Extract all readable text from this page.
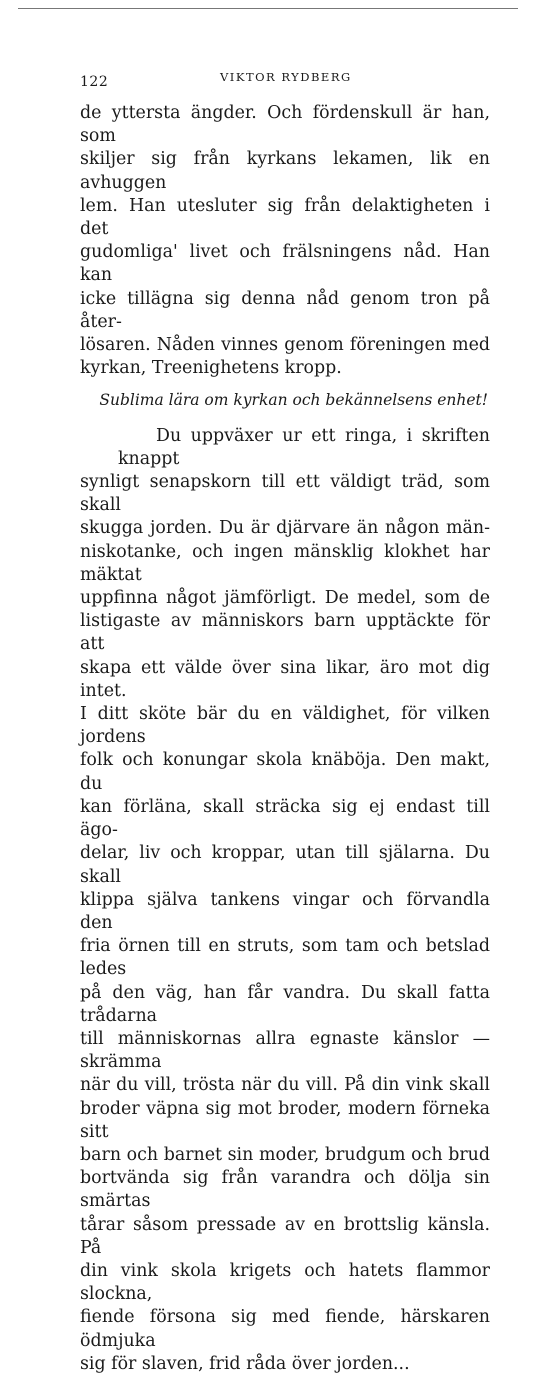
122	VIKTOR RYDBERG
de yttersta ängder. Och fördenskull är han, som
skiljer sig från kyrkans lekamen, lik en avhuggen
lem. Han utesluter sig från delaktigheten i det
gudomliga' livet och frälsningens nåd. Han kan
icke tillägna sig denna nåd genom tron på åter-
lösaren. Nåden vinnes genom föreningen med
kyrkan, Treenighetens kropp.
Sublima lära om kyrkan och bekännelsens enhet!
Du uppväxer ur ett ringa, i skriften knappt
synligt senapskorn till ett väldigt träd, som skall
skugga jorden. Du är djärvare än någon män-
niskotanke, och ingen mänsklig klokhet har mäktat
uppfinna något jämförligt. De medel, som de
listigaste av människors barn upptäckte för att
skapa ett välde över sina likar, äro mot dig intet.
I ditt sköte bär du en väldighet, för vilken jordens
folk och konungar skola knäböja. Den makt, du
kan förläna, skall sträcka sig ej endast till ägo-
delar, liv och kroppar, utan till själarna. Du skall
klippa själva tankens vingar och förvandla den
fria örnen till en struts, som tam och betslad ledes
på den väg, han får vandra. Du skall fatta trådarna
till människornas allra egnaste känslor — skrämma
när du vill, trösta när du vill. På din vink skall
broder väpna sig mot broder, modern förneka sitt
barn och barnet sin moder, brudgum och brud
bortvända sig från varandra och dölja sin smärtas
tårar såsom pressade av en brottslig känsla. På
din vink skola krigets och hatets flammor slockna,
fiende försona sig med fiende, härskaren ödmjuka
sig för slaven, frid råda över jorden...
